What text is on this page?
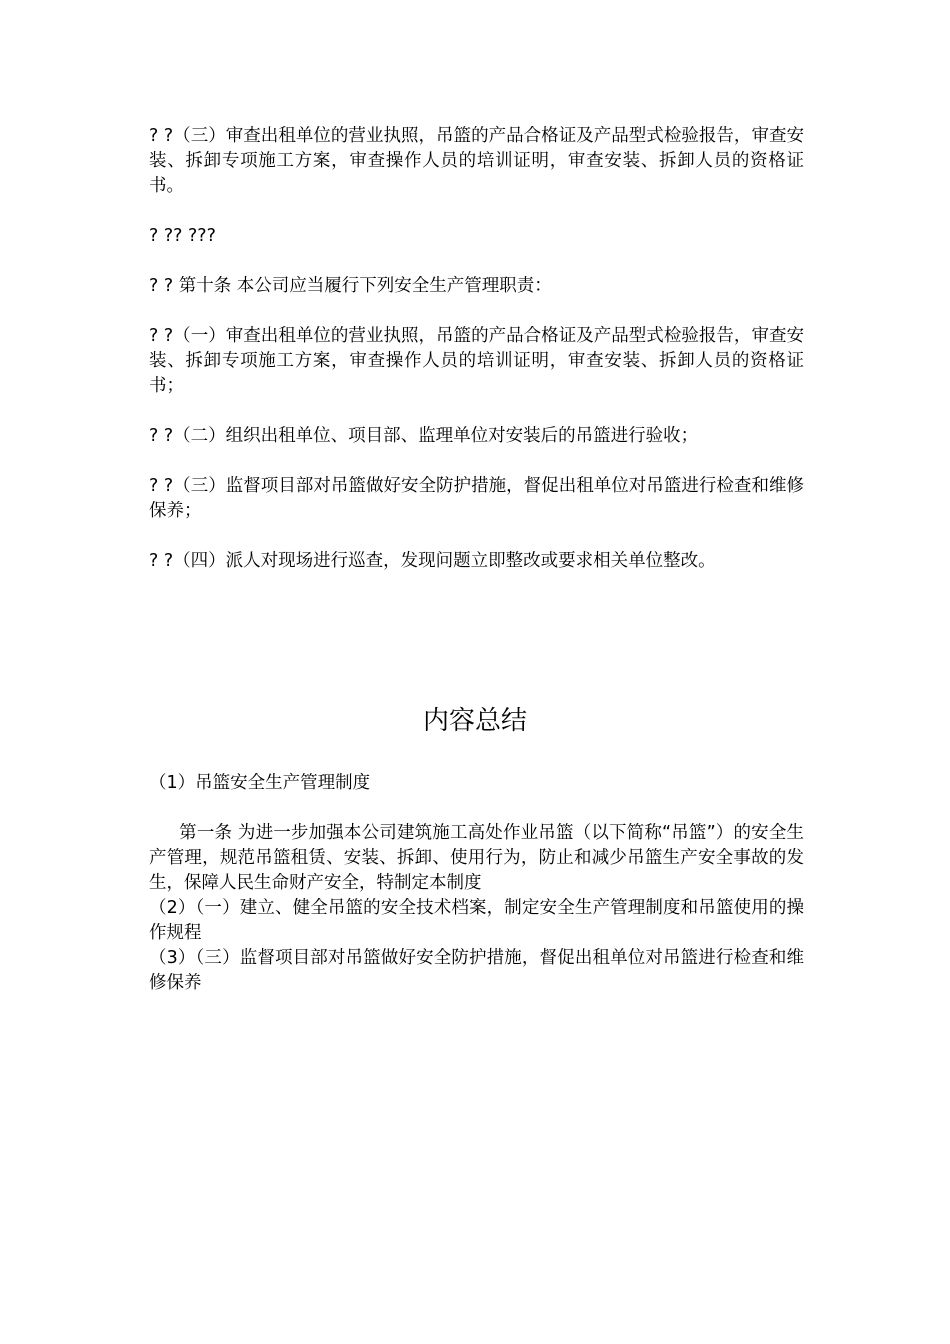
? ?（三）审查出租单位的营业执照，吊篮的产品合格证及产品型式检验报告，审查安装、拆卸专项施工方案，审查操作人员的培训证明，审查安装、拆卸人员的资格证书。

? ?? ???

? ? 第十条 本公司应当履行下列安全生产管理职责：

? ?（一）审查出租单位的营业执照，吊篮的产品合格证及产品型式检验报告，审查安装、拆卸专项施工方案，审查操作人员的培训证明，审查安装、拆卸人员的资格证书；

? ?（二）组织出租单位、项目部、监理单位对安装后的吊篮进行验收；

? ?（三）监督项目部对吊篮做好安全防护措施，督促出租单位对吊篮进行检查和维修保养；

? ?（四）派人对现场进行巡查，发现问题立即整改或要求相关单位整改。

内容总结

（1）吊篮安全生产管理制度

第一条 为进一步加强本公司建筑施工高处作业吊篮（以下简称“吊篮”）的安全生产管理，规范吊篮租赁、安装、拆卸、使用行为，防止和减少吊篮生产安全事故的发生，保障人民生命财产安全，特制定本制度
（2）（一）建立、健全吊篮的安全技术档案，制定安全生产管理制度和吊篮使用的操作规程
（3）（三）监督项目部对吊篮做好安全防护措施，督促出租单位对吊篮进行检查和维修保养
